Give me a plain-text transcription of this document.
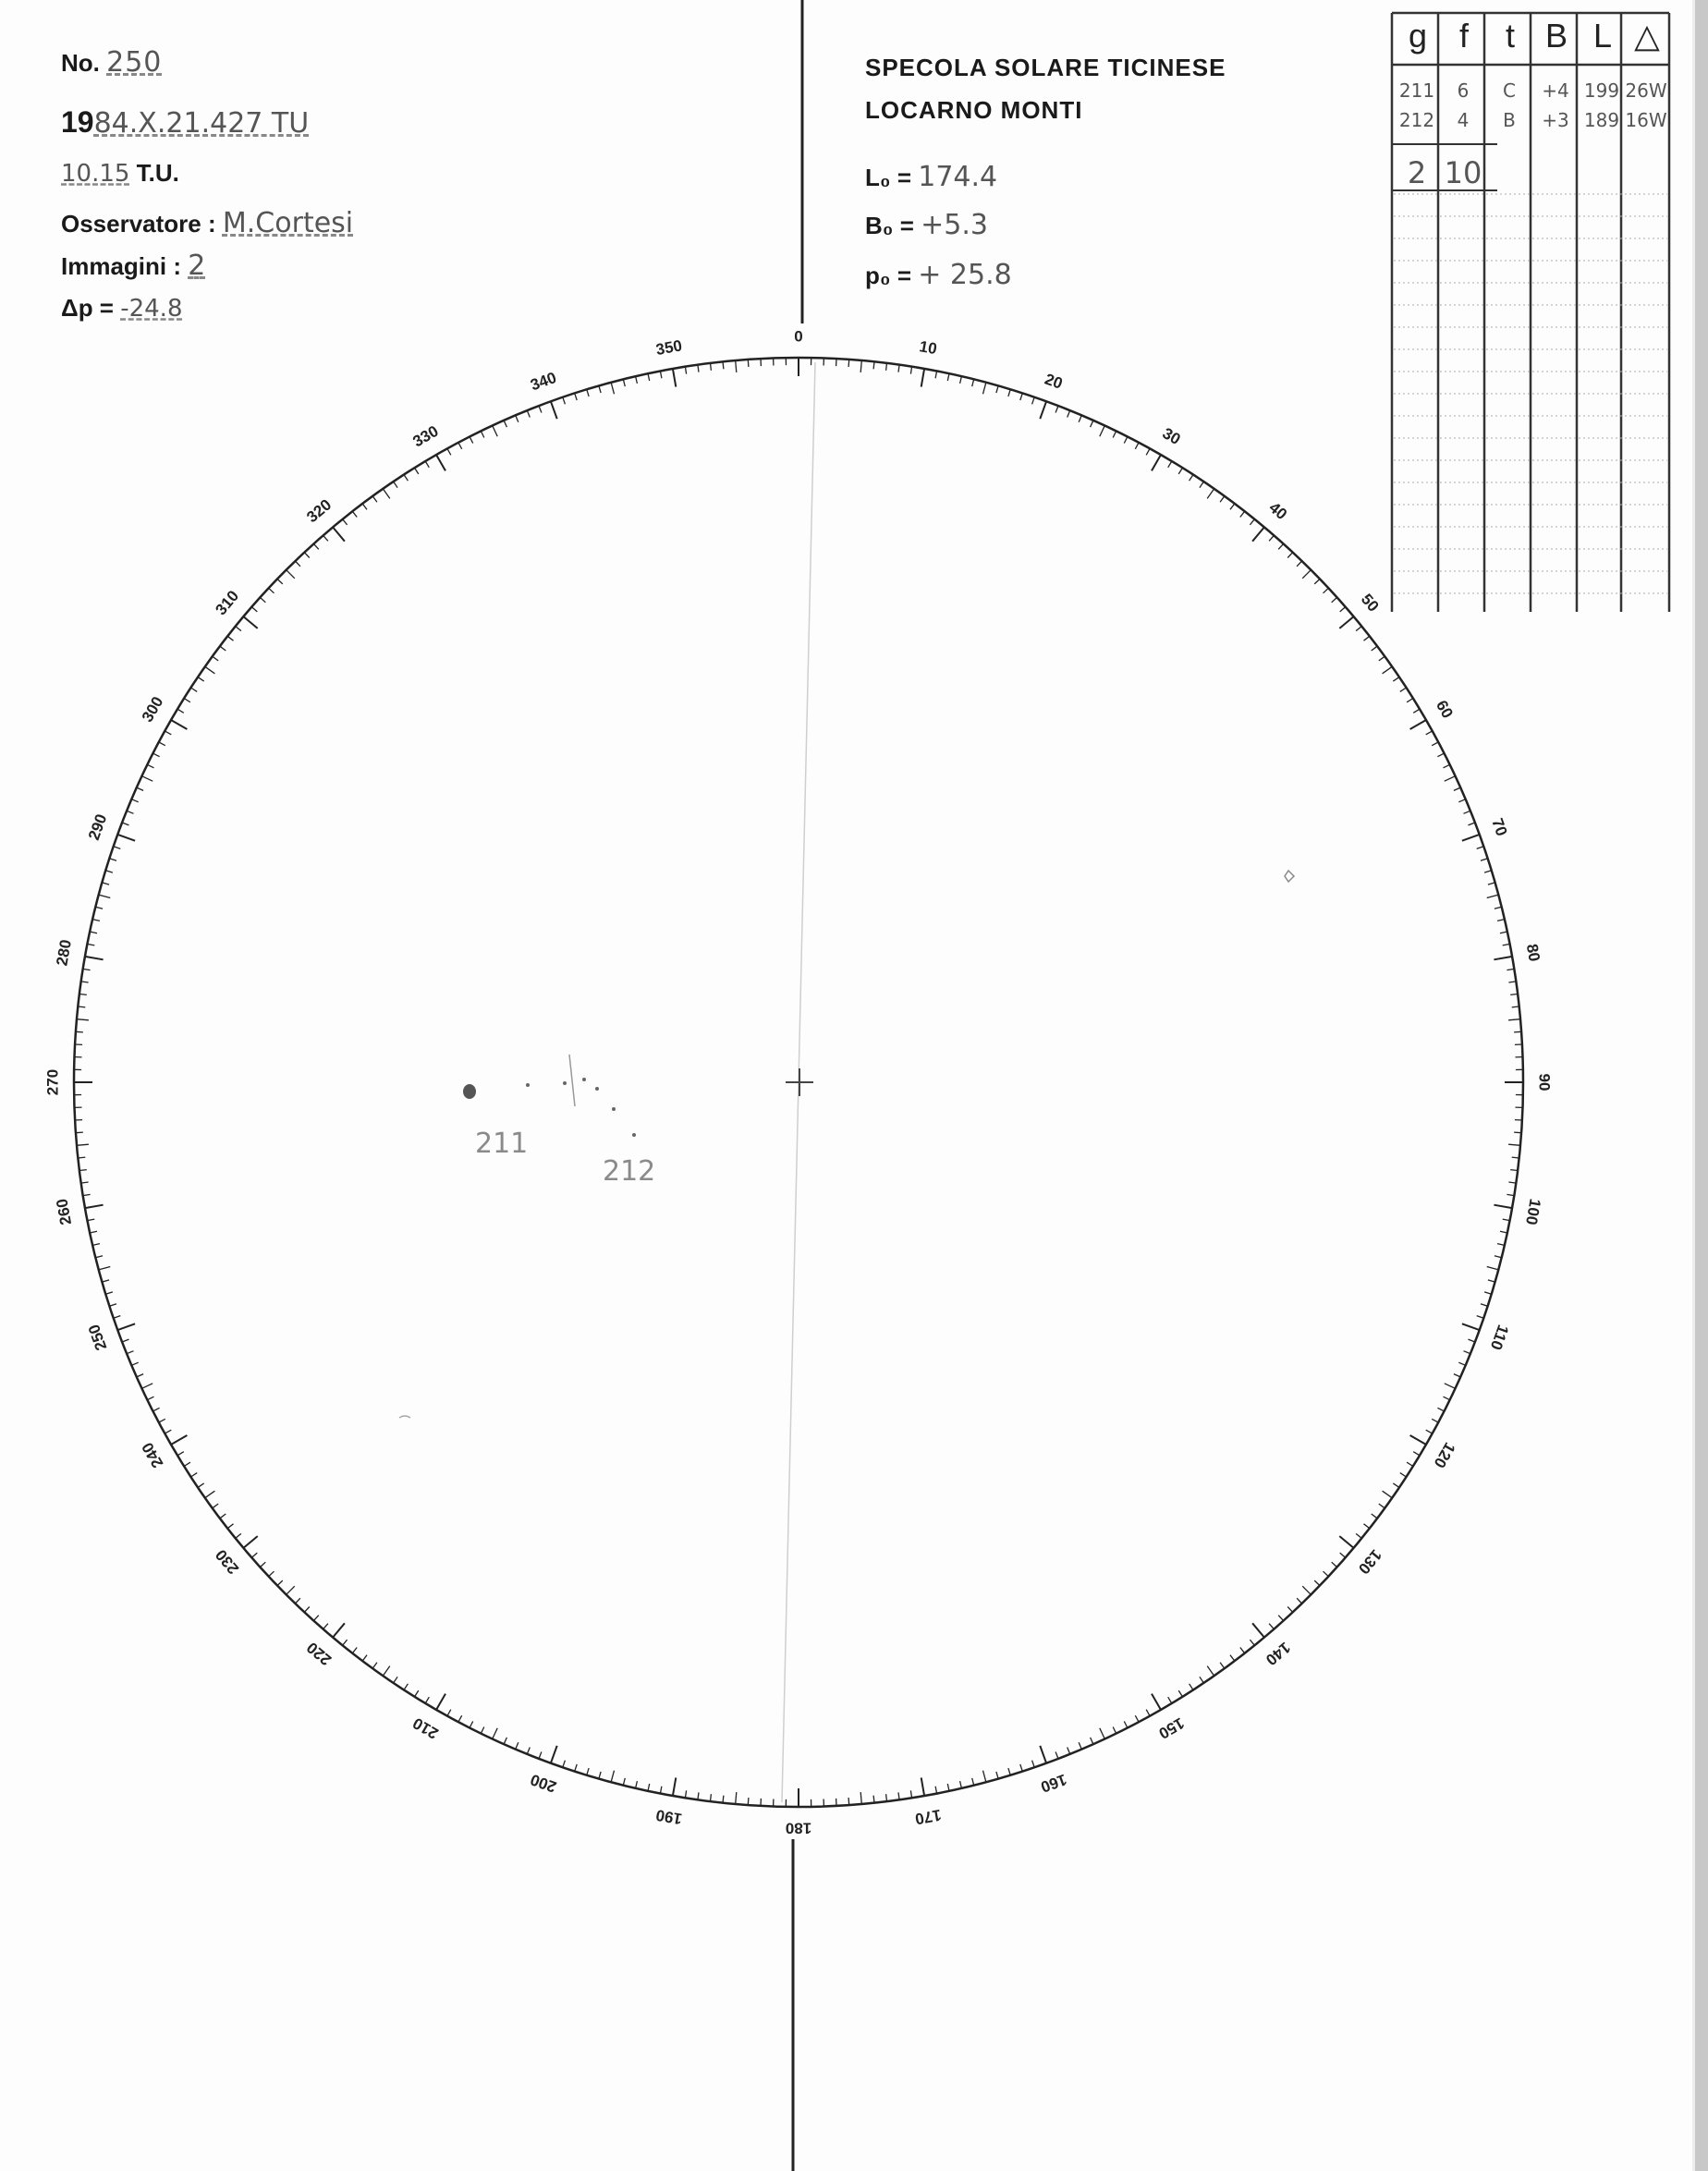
No. 250
1984.X.21.427 TU
10.15 T.U.
Osservatore : M.Cortesi
Immagini : 2
Δp = -24.8
SPECOLA SOLARE TICINESE
LOCARNO MONTI
L₀ = 174.4
B₀ = +5.3
p₀ = + 25.8
g f	t B L △
211	6	C	+4 199 26W
212	4	B	+3 189 16W
2 10
211
212
0
10
20
30
40
50
60
70
80
90
100
110
120
130
140
150
160
170
180
190
200
210
220
230
240
250
260
270
280
290
300
310
320
330
340
350
